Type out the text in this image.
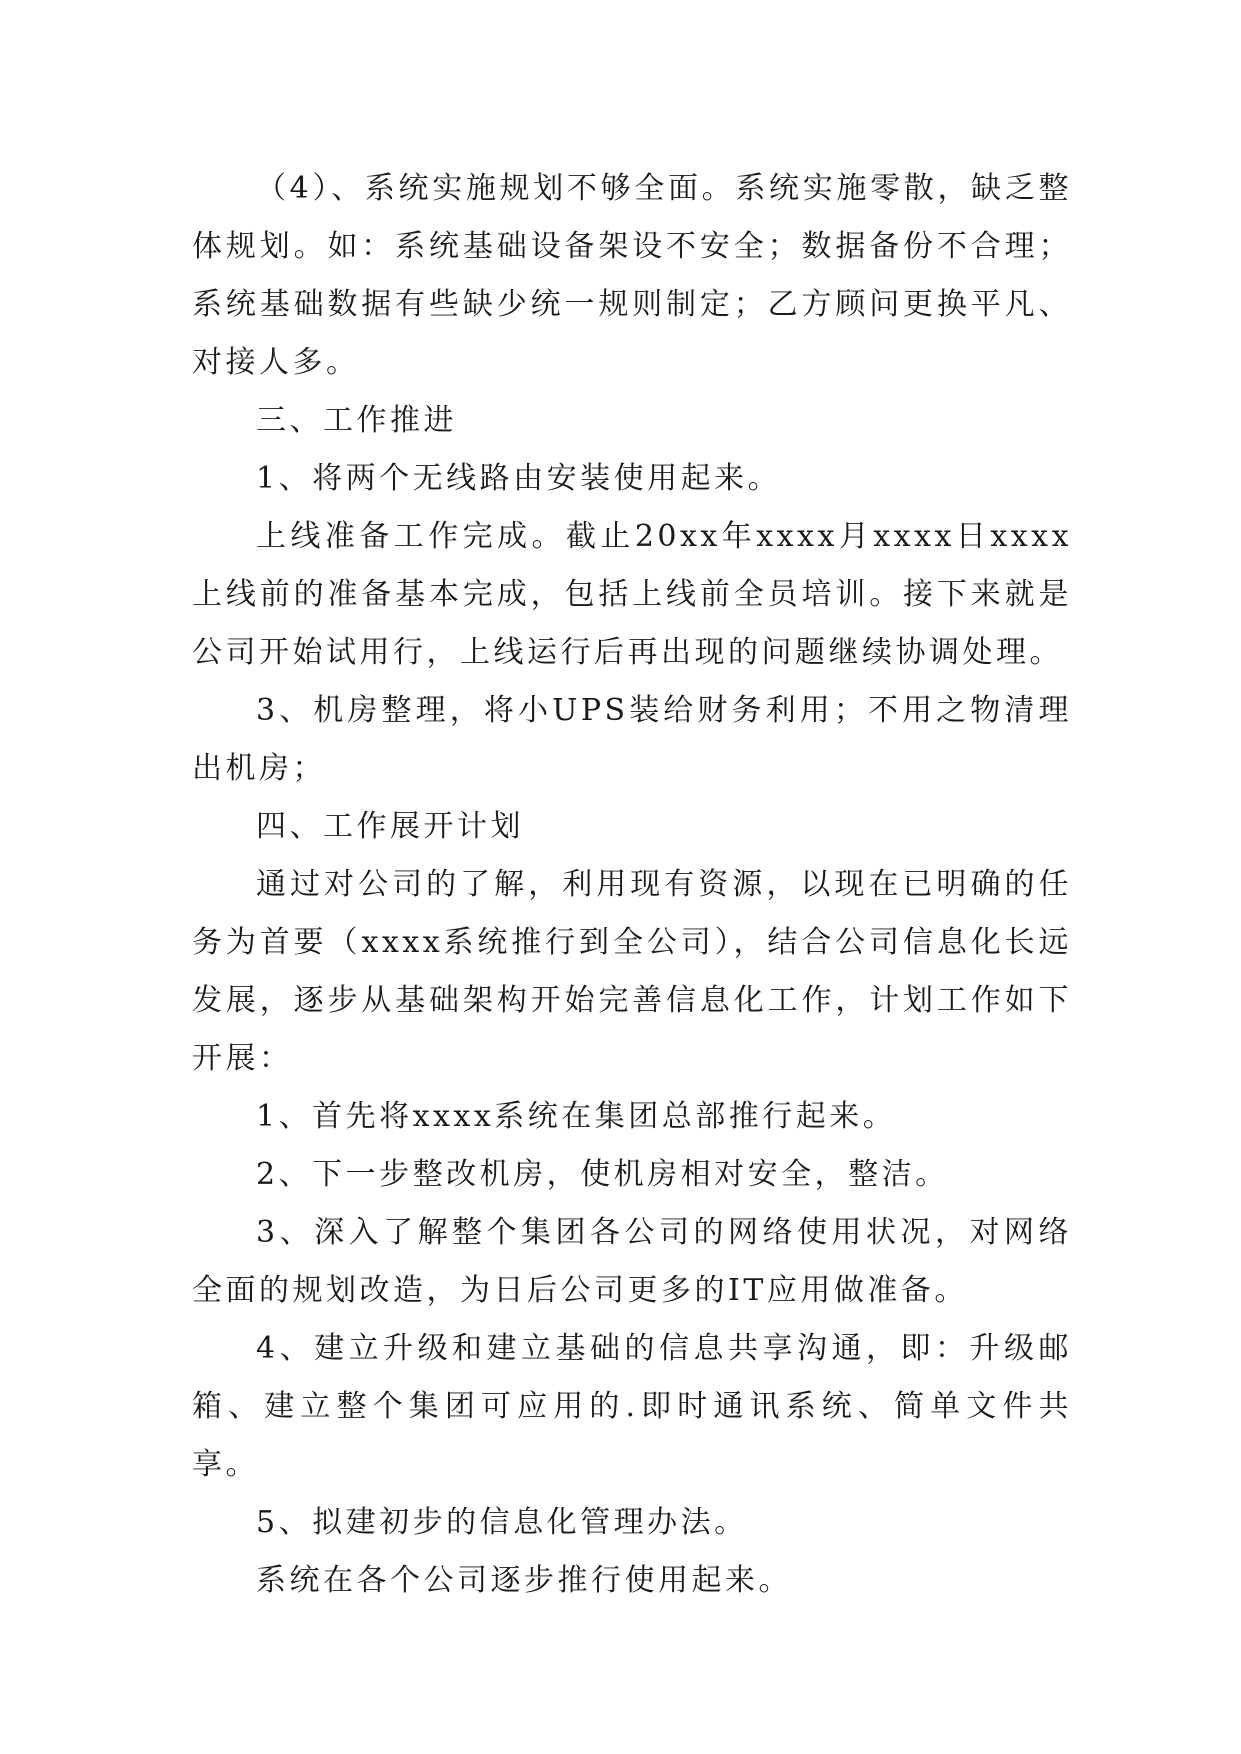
（4）、系统实施规划不够全面。系统实施零散，缺乏整体规划。如：系统基础设备架设不安全；数据备份不合理；系统基础数据有些缺少统一规则制定；乙方顾问更换平凡、对接人多。

三、工作推进

1、将两个无线路由安装使用起来。

上线准备工作完成。截止20xx年xxxx月xxxx日xxxx上线前的准备基本完成，包括上线前全员培训。接下来就是公司开始试用行，上线运行后再出现的问题继续协调处理。

3、机房整理，将小UPS装给财务利用；不用之物清理出机房；

四、工作展开计划

通过对公司的了解，利用现有资源，以现在已明确的任务为首要（xxxx系统推行到全公司），结合公司信息化长远发展，逐步从基础架构开始完善信息化工作，计划工作如下开展：

1、首先将xxxx系统在集团总部推行起来。

2、下一步整改机房，使机房相对安全，整洁。

3、深入了解整个集团各公司的网络使用状况，对网络全面的规划改造，为日后公司更多的IT应用做准备。

4、建立升级和建立基础的信息共享沟通，即：升级邮箱、建立整个集团可应用的.即时通讯系统、简单文件共享。

5、拟建初步的信息化管理办法。

系统在各个公司逐步推行使用起来。
